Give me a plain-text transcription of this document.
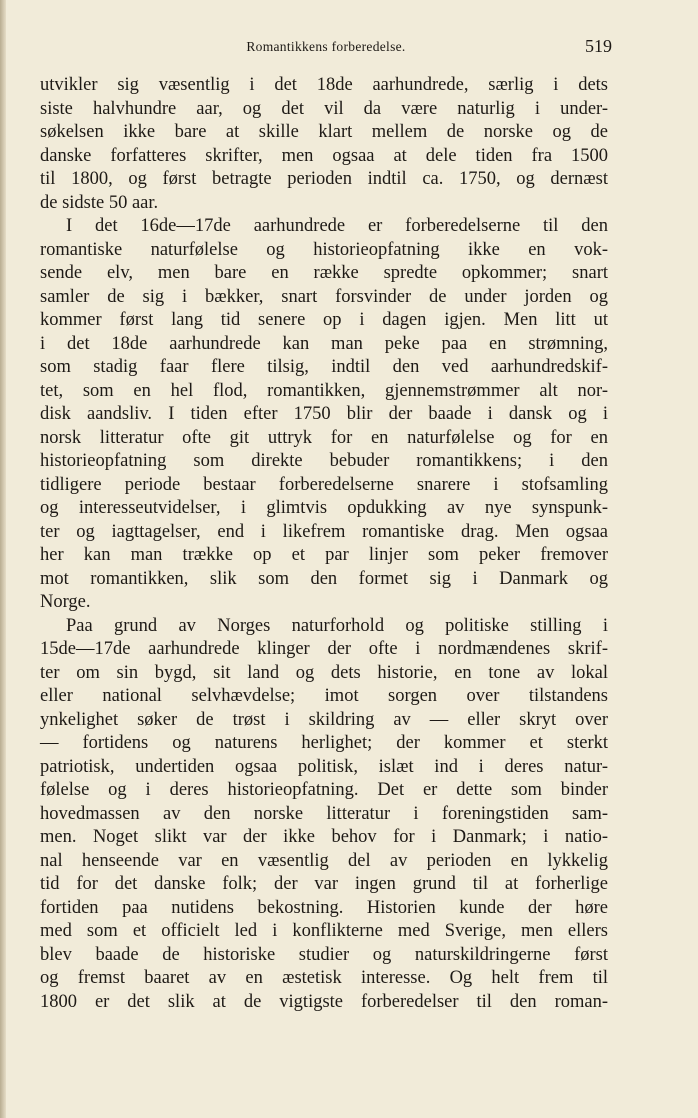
Romantikkens forberedelse.	519
utvikler sig væsentlig i det 18de aarhundrede, særlig i dets
siste halvhundre aar, og det vil da være naturlig i under-
søkelsen ikke bare at skille klart mellem de norske og de
danske forfatteres skrifter, men ogsaa at dele tiden fra 1500
til 1800, og først betragte perioden indtil ca. 1750, og dernæst
de sidste 50 aar.
I det 16de—17de aarhundrede er forberedelserne til den
romantiske naturfølelse og historieopfatning ikke en vok-
sende elv, men bare en række spredte opkommer; snart
samler de sig i bækker, snart forsvinder de under jorden og
kommer først lang tid senere op i dagen igjen. Men litt ut
i det 18de aarhundrede kan man peke paa en strømning,
som stadig faar flere tilsig, indtil den ved aarhundredskif-
tet, som en hel flod, romantikken, gjennemstrømmer alt nor-
disk aandsliv. I tiden efter 1750 blir der baade i dansk og i
norsk litteratur ofte git uttryk for en naturfølelse og for en
historieopfatning som direkte bebuder romantikkens; i den
tidligere periode bestaar forberedelserne snarere i stofsamling
og interesseutvidelser, i glimtvis opdukking av nye synspunk-
ter og iagttagelser, end i likefrem romantiske drag. Men ogsaa
her kan man trække op et par linjer som peker fremover
mot romantikken, slik som den formet sig i Danmark og
Norge.
Paa grund av Norges naturforhold og politiske stilling i
15de—17de aarhundrede klinger der ofte i nordmændenes skrif-
ter om sin bygd, sit land og dets historie, en tone av lokal
eller national selvhævdelse; imot sorgen over tilstandens
ynkelighet søker de trøst i skildring av — eller skryt over
— fortidens og naturens herlighet; der kommer et sterkt
patriotisk, undertiden ogsaa politisk, islæt ind i deres natur-
følelse og i deres historieopfatning. Det er dette som binder
hovedmassen av den norske litteratur i foreningstiden sam-
men. Noget slikt var der ikke behov for i Danmark; i natio-
nal henseende var en væsentlig del av perioden en lykkelig
tid for det danske folk; der var ingen grund til at forherlige
fortiden paa nutidens bekostning. Historien kunde der høre
med som et officielt led i konflikterne med Sverige, men ellers
blev baade de historiske studier og naturskildringerne først
og fremst baaret av en æstetisk interesse. Og helt frem til
1800 er det slik at de vigtigste forberedelser til den roman-
